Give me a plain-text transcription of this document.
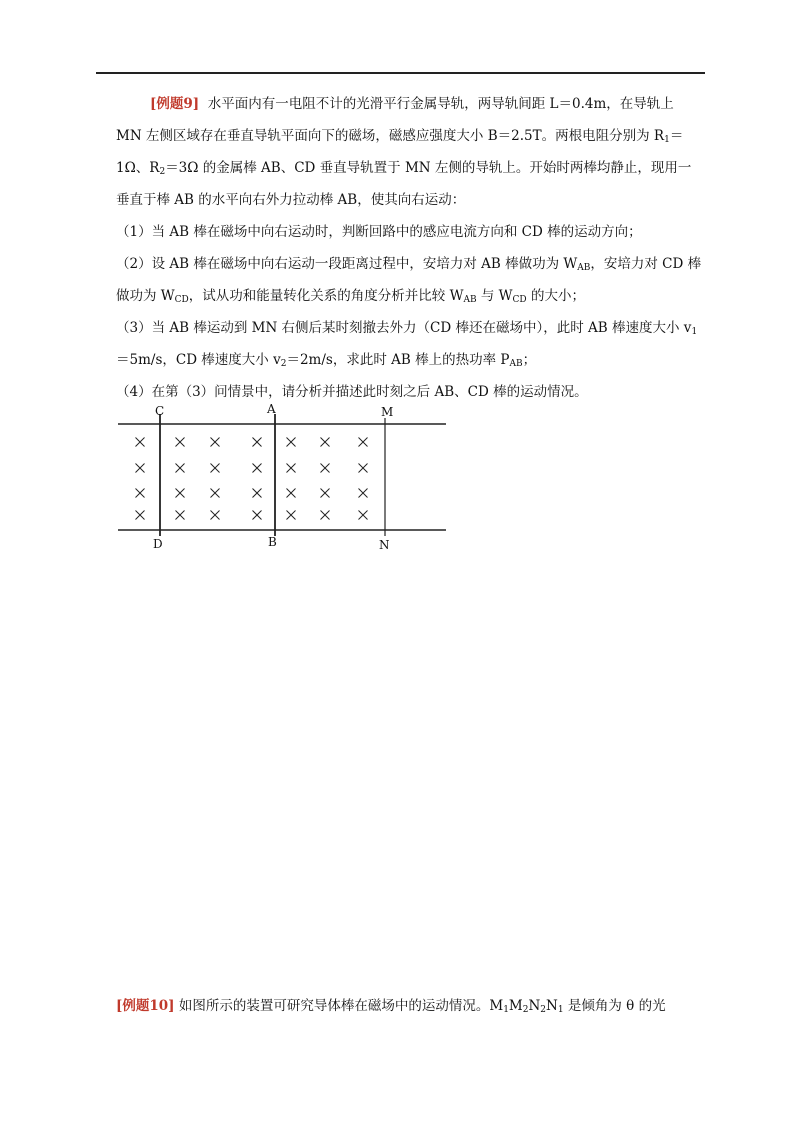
[例题9] 水平面内有一电阻不计的光滑平行金属导轨，两导轨间距 L＝0.4m，在导轨上
MN 左侧区域存在垂直导轨平面向下的磁场，磁感应强度大小 B＝2.5T。两根电阻分别为 $R_1=$
1Ω、$R_2=3\Omega$ 的金属棒 AB、CD 垂直导轨置于 MN 左侧的导轨上。开始时两棒均静止，现用一
垂直于棒 AB 的水平向右外力拉动棒 AB，使其向右运动：
（1）当 AB 棒在磁场中向右运动时，判断回路中的感应电流方向和 CD 棒的运动方向；
（2）设 AB 棒在磁场中向右运动一段距离过程中，安培力对 AB 棒做功为 $W_{AB}$，安培力对 CD 棒
做功为 $W_{CD}$，试从功和能量转化关系的角度分析并比较 $W_{AB}$ 与 $W_{CD}$ 的大小；
（3）当 AB 棒运动到 MN 右侧后某时刻撤去外力（CD 棒还在磁场中），此时 AB 棒速度大小 $v_1$
＝5m/s，CD 棒速度大小 $v_2=2m/s$，求此时 AB 棒上的热功率 $P_{AB}$；
（4）在第（3）问情景中，请分析并描述此时刻之后 AB、CD 棒的运动情况。
C	A	M
D	B	N
[例题10] 如图所示的装置可研究导体棒在磁场中的运动情况。$M_1M_2N_2N_1$ 是倾角为 θ 的光
